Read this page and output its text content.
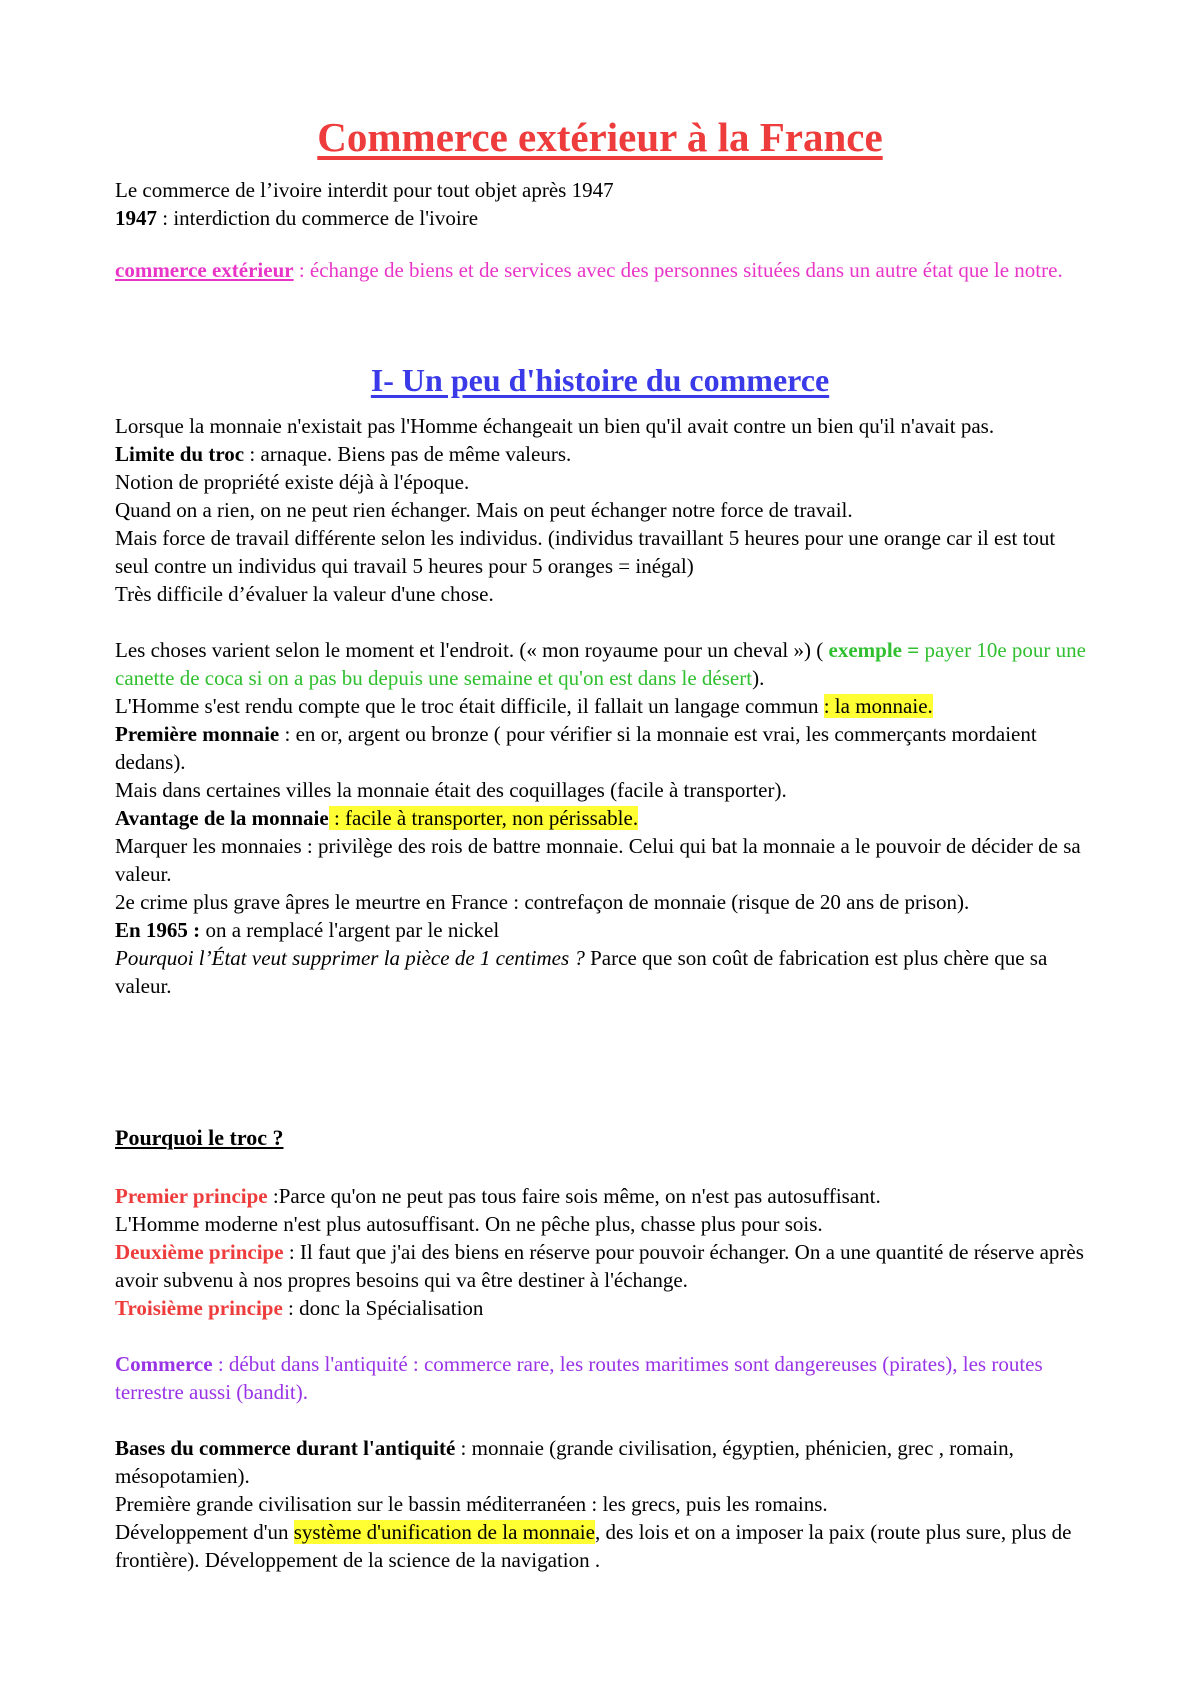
Commerce extérieur à la France

Le commerce de l’ivoire interdit pour tout objet après 1947

1947 : interdiction du commerce de l'ivoire

commerce extérieur : échange de biens et de services avec des personnes situées dans un autre état que le notre.

I- Un peu d'histoire du commerce

Lorsque la monnaie n'existait pas l'Homme échangeait un bien qu'il avait contre un bien qu'il n'avait pas.

Limite du troc : arnaque. Biens pas de même valeurs.

Notion de propriété existe déjà à l'époque.

Quand on a rien, on ne peut rien échanger. Mais on peut échanger notre force de travail.

Mais force de travail différente selon les individus. (individus travaillant 5 heures pour une orange car il est tout seul contre un individus qui travail 5 heures pour 5 oranges = inégal)

Très difficile d’évaluer la valeur d'une chose.

Les choses varient selon le moment et l'endroit. (« mon royaume pour un cheval ») ( exemple = payer 10e pour une canette de coca si on a pas bu depuis une semaine et qu'on est dans le désert).

L'Homme s'est rendu compte que le troc était difficile, il fallait un langage commun : la monnaie.

Première monnaie : en or, argent ou bronze ( pour vérifier si la monnaie est vrai, les commerçants mordaient dedans).

Mais dans certaines villes la monnaie était des coquillages (facile à transporter).

Avantage de la monnaie : facile à transporter, non périssable.

Marquer les monnaies : privilège des rois de battre monnaie. Celui qui bat la monnaie a le pouvoir de décider de sa valeur.

2e crime plus grave âpres le meurtre en France : contrefaçon de monnaie (risque de 20 ans de prison).

En 1965 : on a remplacé l'argent par le nickel

Pourquoi l’État veut supprimer la pièce de 1 centimes ? Parce que son coût de fabrication est plus chère que sa valeur.

Pourquoi le troc ?

Premier principe :Parce qu'on ne peut pas tous faire sois même, on n'est pas autosuffisant.

L'Homme moderne n'est plus autosuffisant. On ne pêche plus, chasse plus pour sois.

Deuxième principe : Il faut que j'ai des biens en réserve pour pouvoir échanger. On a une quantité de réserve après avoir subvenu à nos propres besoins qui va être destiner à l'échange.

Troisième principe : donc la Spécialisation

Commerce : début dans l'antiquité : commerce rare, les routes maritimes sont dangereuses (pirates), les routes terrestre aussi (bandit).

Bases du commerce durant l'antiquité : monnaie (grande civilisation, égyptien, phénicien, grec , romain, mésopotamien).

Première grande civilisation sur le bassin méditerranéen : les grecs, puis les romains.

Développement d'un système d'unification de la monnaie, des lois et on a imposer la paix (route plus sure, plus de frontière). Développement de la science de la navigation .
